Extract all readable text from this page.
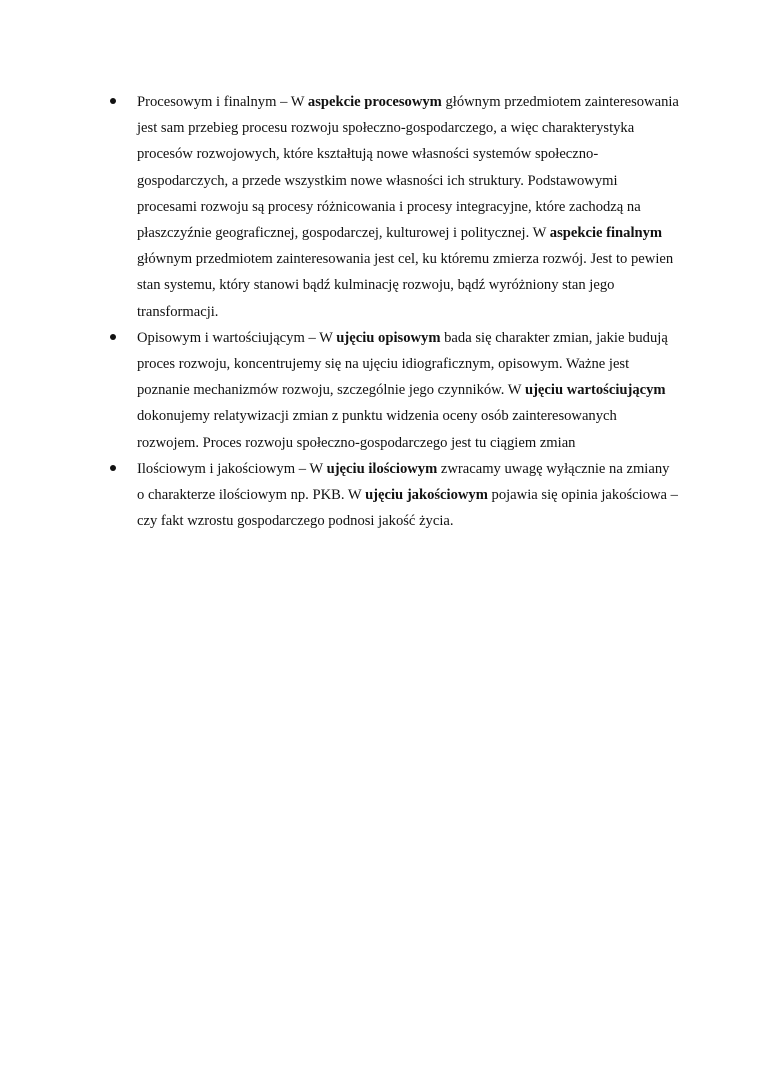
Procesowym i finalnym – W aspekcie procesowym głównym przedmiotem zainteresowania jest sam przebieg procesu rozwoju społeczno-gospodarczego, a więc charakterystyka procesów rozwojowych, które kształtują nowe własności systemów społeczno-gospodarczych, a przede wszystkim nowe własności ich struktury. Podstawowymi procesami rozwoju są procesy różnicowania i procesy integracyjne, które zachodzą na płaszczyźnie geograficznej, gospodarczej, kulturowej i politycznej. W aspekcie finalnym głównym przedmiotem zainteresowania jest cel, ku któremu zmierza rozwój. Jest to pewien stan systemu, który stanowi bądź kulminację rozwoju, bądź wyróżniony stan jego transformacji.
Opisowym i wartościującym – W ujęciu opisowym bada się charakter zmian, jakie budują proces rozwoju, koncentrujemy się na ujęciu idiograficznym, opisowym. Ważne jest poznanie mechanizmów rozwoju, szczególnie jego czynników. W ujęciu wartościującym dokonujemy relatywizacji zmian z punktu widzenia oceny osób zainteresowanych rozwojem. Proces rozwoju społeczno-gospodarczego jest tu ciągiem zmian
Ilościowym i jakościowym – W ujęciu ilościowym zwracamy uwagę wyłącznie na zmiany o charakterze ilościowym np. PKB. W ujęciu jakościowym pojawia się opinia jakościowa – czy fakt wzrostu gospodarczego podnosi jakość życia.
